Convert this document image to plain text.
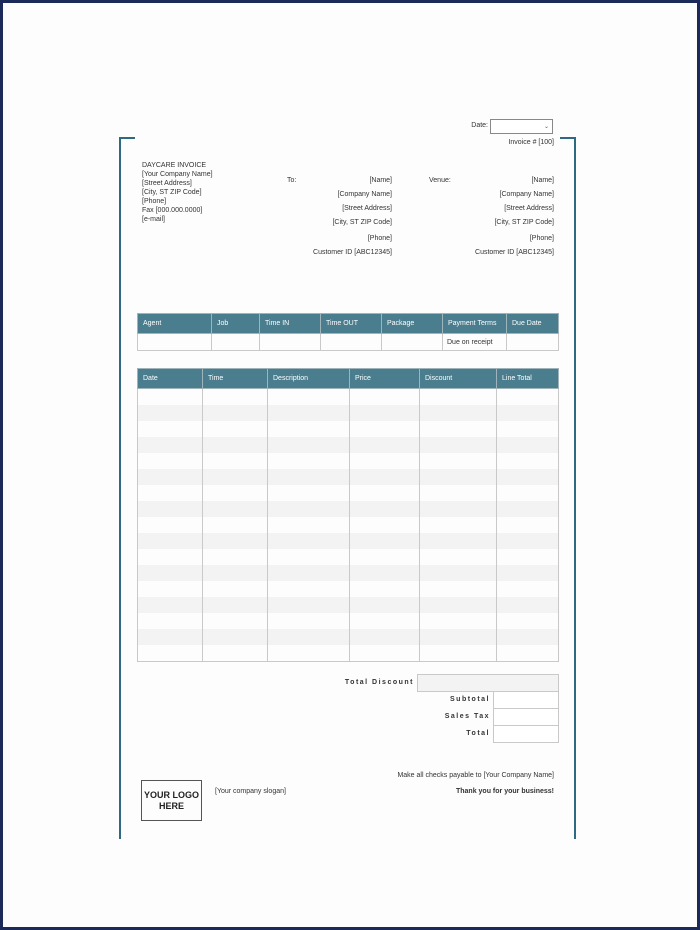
Date:	⌄
Invoice # [100]
DAYCARE INVOICE
[Your Company Name]
[Street Address]
[City, ST ZIP Code]
[Phone]
Fax [000.000.0000]
[e-mail]
To:	[Name]
[Company Name]
[Street Address]
[City, ST ZIP Code]
[Phone]
Customer ID [ABC12345]
Venue:	[Name]
[Company Name]
[Street Address]
[City, ST ZIP Code]
[Phone]
Customer ID [ABC12345]
Agent	Job	Time IN	Time OUT	Package	Payment Terms	Due Date
					Due on receipt	
Date	Time	Description	Price	Discount	Line Total

Total Discount
Subtotal
Sales Tax
Total
Make all checks payable to [Your Company Name]
Thank you for your business!
YOUR LOGO
HERE
[Your company slogan]
